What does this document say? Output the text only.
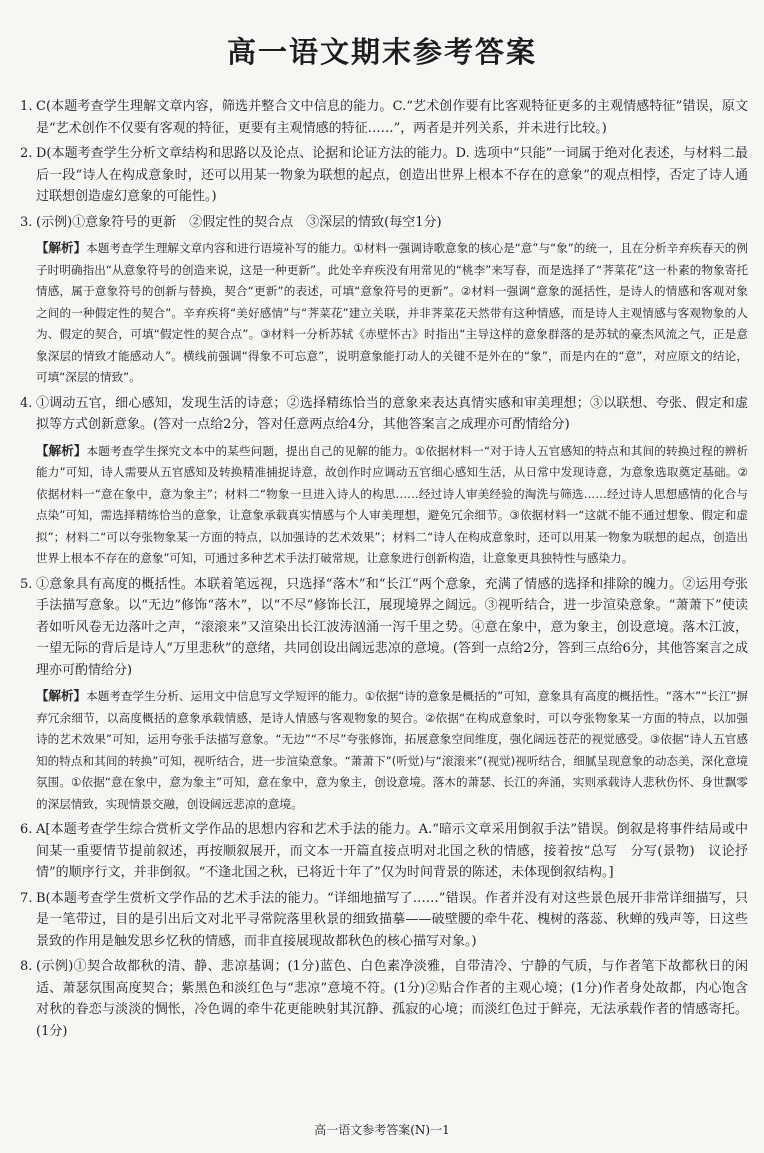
高一语文期末参考答案
1. C(本题考查学生理解文章内容，筛选并整合文中信息的能力。C.“艺术创作要有比客观特征更多的主观情感特征”错误，原文是“艺术创作不仅要有客观的特征，更要有主观情感的特征……”，两者是并列关系，并未进行比较。)
2. D(本题考查学生分析文章结构和思路以及论点、论据和论证方法的能力。D. 选项中“只能”一词属于绝对化表述，与材料二最后一段“诗人在构成意象时，还可以用某一物象为联想的起点，创造出世界上根本不存在的意象”的观点相悖，否定了诗人通过联想创造虚幻意象的可能性。)
3. (示例)①意象符号的更新　②假定性的契合点　③深层的情致(每空1分)
【解析】本题考查学生理解文章内容和进行语境补写的能力。①材料一强调诗歌意象的核心是“意”与“象”的统一，且在分析辛弃疾春天的例子时明确指出“从意象符号的创造来说，这是一种更新”。此处辛弃疾没有用常见的“桃李”来写春，而是选择了“荠菜花”这一朴素的物象寄托情感，属于意象符号的创新与替换，契合“更新”的表述，可填“意象符号的更新”。②材料一强调“意象的涎括性，是诗人的情感和客观对象之间的一种假定性的契合”。辛弃疾将“美好感情”与“荠菜花”建立关联，并非荠菜花天然带有这种情感，而是诗人主观情感与客观物象的人为、假定的契合，可填“假定性的契合点”。③材料一分析苏轼《赤壁怀古》时指出“主导这样的意象群落的是苏轼的豪杰风流之气，正是意象深层的情致才能感动人”。横线前强调“得象不可忘意”，说明意象能打动人的关键不是外在的“象”，而是内在的“意”，对应原文的结论，可填“深层的情致”。
4. ①调动五官，细心感知，发现生活的诗意；②选择精练恰当的意象来表达真情实感和审美理想；③以联想、夸张、假定和虚拟等方式创新意象。(答对一点给2分，答对任意两点给4分，其他答案言之成理亦可酌情给分)
【解析】本题考查学生探究文本中的某些问题，提出自己的见解的能力。①依据材料一“对于诗人五官感知的特点和其间的转换过程的辨析能力”可知，诗人需要从五官感知及转换精准捕捉诗意，故创作时应调动五官细心感知生活，从日常中发现诗意，为意象选取奠定基础。②依据材料一“意在象中，意为象主”；材料二“物象一旦进入诗人的构思……经过诗人审美经验的淘洗与筛选……经过诗人思想感情的化合与点染”可知，需选择精练恰当的意象，让意象承载真实情感与个人审美理想，避免冗余细节。③依据材料一“这就不能不通过想象、假定和虚拟”；材料二“可以夸张物象某一方面的特点，以加强诗的艺术效果”；材料二“诗人在构成意象时，还可以用某一物象为联想的起点，创造出世界上根本不存在的意象”可知，可通过多种艺术手法打破常规，让意象进行创新构造，让意象更具独特性与感染力。
5. ①意象具有高度的概括性。本联着笔远视，只选择“落木”和“长江”两个意象，充满了情感的选择和排除的魄力。②运用夸张手法描写意象。以“无边”修饰“落木”，以“不尽”修饰长江，展现境界之阔远。③视听结合，进一步渲染意象。“萧萧下”使读者如听风卷无边落叶之声，“滚滚来”又渲染出长江波涛汹涌一泻千里之势。④意在象中，意为象主，创设意境。落木江波，一望无际的背后是诗人“万里悲秋”的意绪，共同创设出阔远悲凉的意境。(答到一点给2分，答到三点给6分，其他答案言之成理亦可酌情给分)
【解析】本题考查学生分析、运用文中信息写文学短评的能力。①依据“诗的意象是概括的”可知，意象具有高度的概括性。“落木”“长江”摒弃冗余细节，以高度概括的意象承载情感，是诗人情感与客观物象的契合。②依据“在构成意象时，可以夸张物象某一方面的特点，以加强诗的艺术效果”可知，运用夸张手法描写意象。“无边”“不尽”夸张修饰，拓展意象空间维度，强化阔远苍茫的视觉感受。③依据“诗人五官感知的特点和其间的转换”可知，视听结合，进一步渲染意象。“萧萧下”(听觉)与“滚滚来”(视觉)视听结合，细腻呈现意象的动态美，深化意境氛围。①依据“意在象中，意为象主”可知，意在象中，意为象主，创设意境。落木的萧瑟、长江的奔涌，实则承载诗人悲秋伤怀、身世飘零的深层情致，实现情景交融，创设阔远悲凉的意境。
6. A[本题考查学生综合赏析文学作品的思想内容和艺术手法的能力。A.“暗示文章采用倒叙手法”错误。倒叙是将事件结局或中间某一重要情节提前叙述，再按顺叙展开，而文本一开篇直接点明对北国之秋的情感，接着按“总写　分写(景物)　议论抒情”的顺序行文，并非倒叙。“不逢北国之秋，已将近十年了”仅为时间背景的陈述，未体现倒叙结构。]
7. B(本题考查学生赏析文学作品的艺术手法的能力。“详细地描写了……”错误。作者并没有对这些景色展开非常详细描写，只是一笔带过，目的是引出后文对北平寻常院落里秋景的细致描摹——破壁腰的牵牛花、槐树的落蕊、秋蝉的残声等，日这些景致的作用是触发思乡忆秋的情感，而非直接展现故都秋色的核心描写对象。)
8. (示例)①契合故都秋的清、静、悲凉基调；(1分)蓝色、白色素净淡雅，自带清冷、宁静的气质，与作者笔下故都秋日的闲适、萧瑟氛围高度契合；紫黑色和淡红色与“悲凉”意境不符。(1分)②贴合作者的主观心境；(1分)作者身处故都，内心饱含对秋的眷恋与淡淡的惆怅，冷色调的牵牛花更能映射其沉静、孤寂的心境；而淡红色过于鲜亮，无法承载作者的情感寄托。(1分)
高一语文参考答案(N)一1
